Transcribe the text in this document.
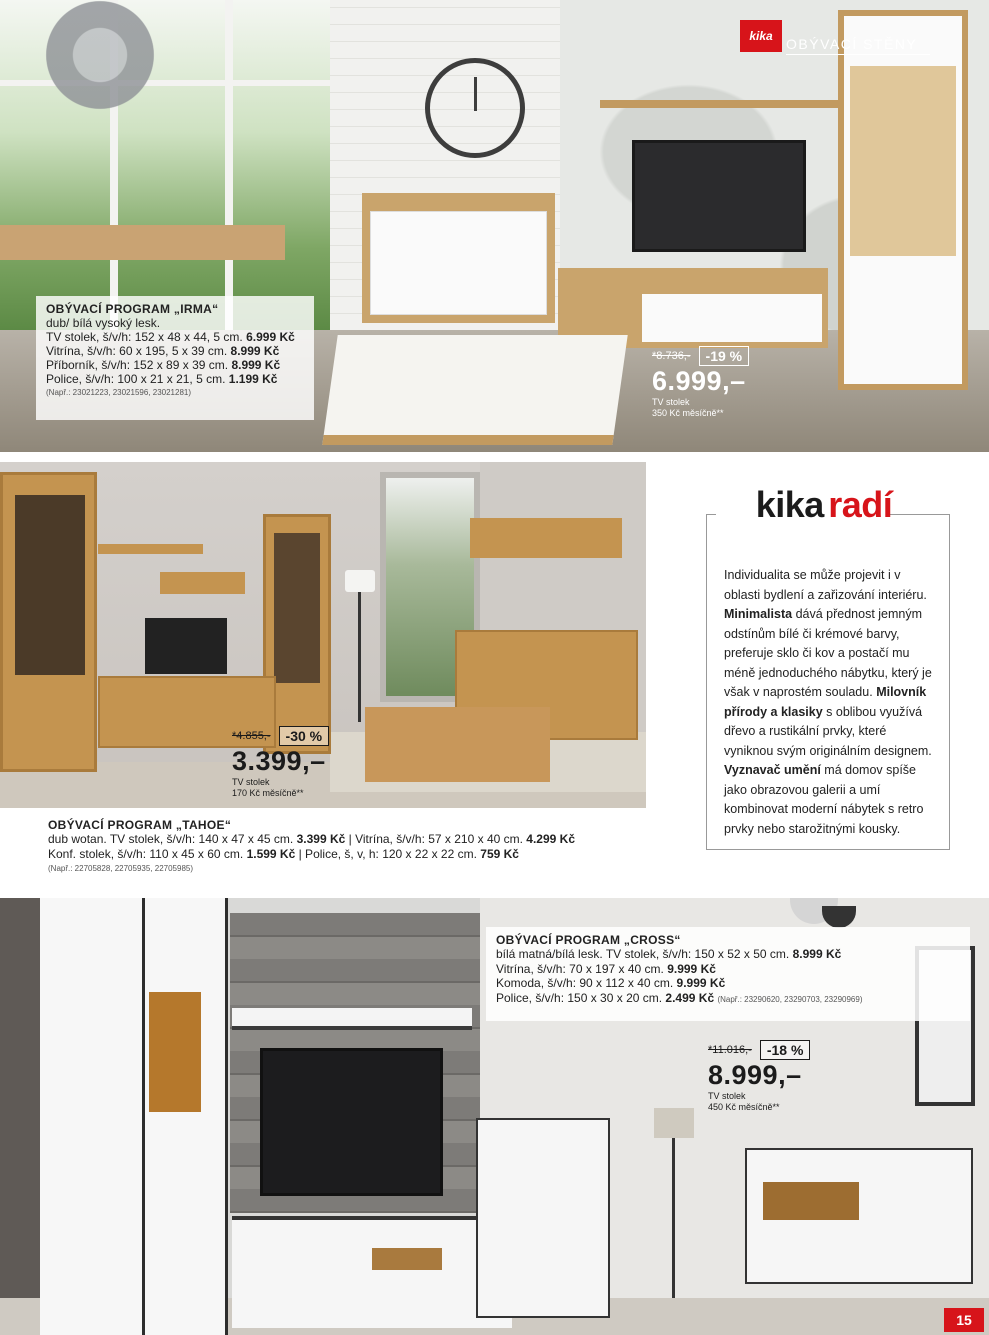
kika OBÝVACÍ STĚNY
OBÝVACÍ PROGRAM „IRMA“
dub/ bílá vysoký lesk.
TV stolek, š/v/h: 152 x 48 x 44, 5 cm. 6.999 Kč
Vitrína, š/v/h: 60 x 195, 5 x 39 cm. 8.999 Kč
Příborník, š/v/h: 152 x 89 x 39 cm. 8.999 Kč
Police, š/v/h: 100 x 21 x 21, 5 cm. 1.199 Kč
(Např.: 23021223, 23021596, 23021281)
*8.736,-	-19 %
6.999,–
TV stolek
350 Kč měsíčně**
*4.855,-	-30 %
3.399,–
TV stolek
170 Kč měsíčně**
OBÝVACÍ PROGRAM „TAHOE“
dub wotan. TV stolek, š/v/h: 140 x 47 x 45 cm. 3.399 Kč | Vitrína, š/v/h: 57 x 210 x 40 cm. 4.299 Kč
Konf. stolek, š/v/h: 110 x 45 x 60 cm. 1.599 Kč | Police, š, v, h: 120 x 22 x 22 cm. 759 Kč
(Např.: 22705828, 22705935, 22705985)
kika radí
Individualita se může projevit i v oblasti bydlení a zařizování interiéru. Minimalista dává přednost jemným odstínům bílé či krémové barvy, preferuje sklo či kov a postačí mu méně jednoduchého nábytku, který je však v naprostém souladu. Milovník přírody a klasiky s oblibou využívá dřevo a rustikální prvky, které vyniknou svým originálním designem. Vyznavač umění má domov spíše jako obrazovou galerii a umí kombinovat moderní nábytek s retro prvky nebo starožitnými kousky.
*11.016,-	-18 %
8.999,–
TV stolek
450 Kč měsíčně**
OBÝVACÍ PROGRAM „CROSS“
bílá matná/bílá lesk. TV stolek, š/v/h: 150 x 52 x 50 cm. 8.999 Kč
Vitrína, š/v/h: 70 x 197 x 40 cm. 9.999 Kč
Komoda, š/v/h: 90 x 112 x 40 cm. 9.999 Kč
Police, š/v/h: 150 x 30 x 20 cm. 2.499 Kč (Např.: 23290620, 23290703, 23290969)
15
